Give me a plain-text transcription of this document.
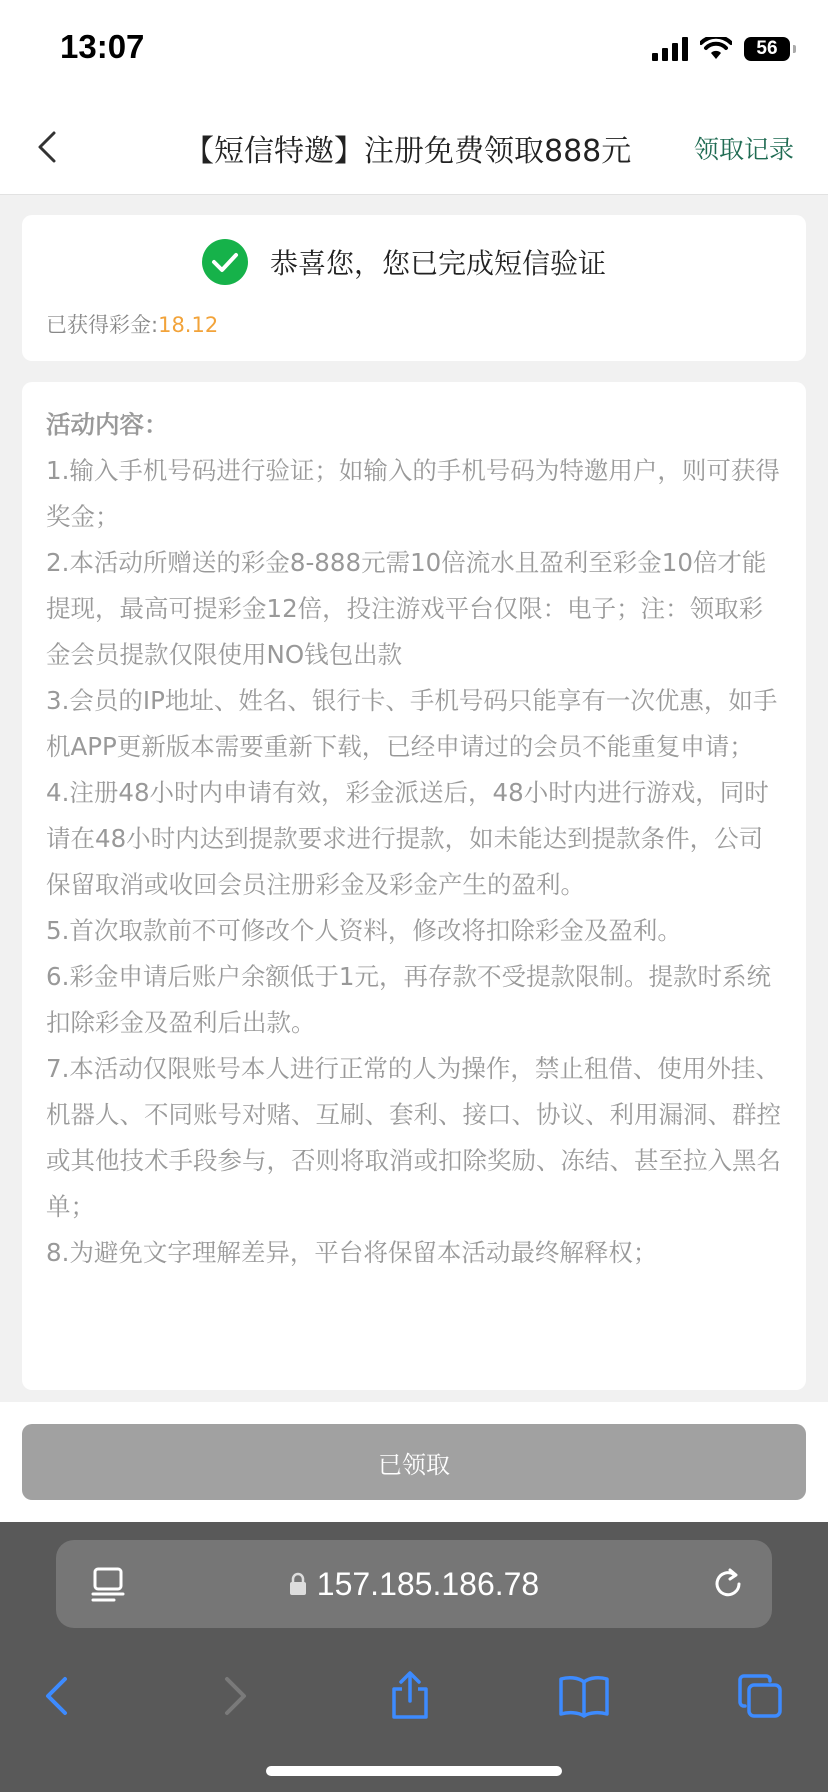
13:07	56
【短信特邀】注册免费领取888元	领取记录
恭喜您，您已完成短信验证
已获得彩金:18.12
活动内容：
1.输入手机号码进行验证；如输入的手机号码为特邀用户，则可获得奖金；
2.本活动所赠送的彩金8-888元需10倍流水且盈利至彩金10倍才能提现，最高可提彩金12倍，投注游戏平台仅限：电子；注：领取彩金会员提款仅限使用NO钱包出款
3.会员的IP地址、姓名、银行卡、手机号码只能享有一次优惠，如手机APP更新版本需要重新下载，已经申请过的会员不能重复申请；
4.注册48小时内申请有效，彩金派送后，48小时内进行游戏，同时请在48小时内达到提款要求进行提款，如未能达到提款条件，公司保留取消或收回会员注册彩金及彩金产生的盈利。
5.首次取款前不可修改个人资料，修改将扣除彩金及盈利。
6.彩金申请后账户余额低于1元，再存款不受提款限制。提款时系统扣除彩金及盈利后出款。
7.本活动仅限账号本人进行正常的人为操作，禁止租借、使用外挂、机器人、不同账号对赌、互刷、套利、接口、协议、利用漏洞、群控或其他技术手段参与，否则将取消或扣除奖励、冻结、甚至拉入黑名单；
8.为避免文字理解差异，平台将保留本活动最终解释权；
已领取
157.185.186.78
